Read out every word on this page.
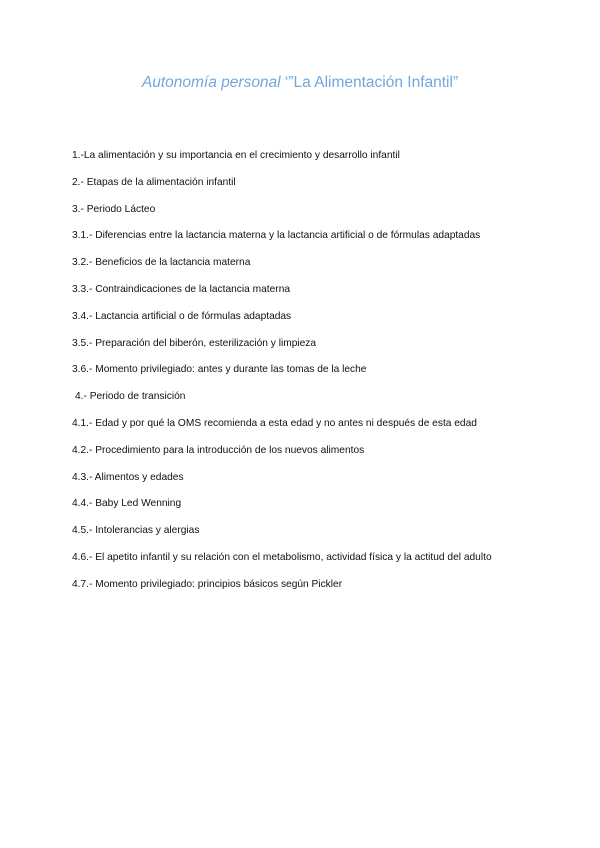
Autonomía personal ‘”La Alimentación Infantil”
1.-La alimentación y su importancia en el crecimiento y desarrollo infantil
2.- Etapas de la alimentación infantil
3.- Periodo Lácteo
3.1.- Diferencias entre la lactancia materna y la lactancia artificial o de fórmulas adaptadas
3.2.- Beneficios de la lactancia materna
3.3.- Contraindicaciones de la lactancia materna
3.4.- Lactancia artificial o de fórmulas adaptadas
3.5.- Preparación del biberón, esterilización y limpieza
3.6.- Momento privilegiado: antes y durante las tomas de la leche
4.- Periodo de transición
4.1.- Edad y por qué la OMS recomienda a esta edad y no antes ni después de esta edad
4.2.- Procedimiento para la introducción de los nuevos alimentos
4.3.- Alimentos y edades
4.4.- Baby Led Wenning
4.5.- Intolerancias y alergias
4.6.- El apetito infantil y su relación con el metabolismo, actividad física y la actitud del adulto
4.7.- Momento privilegiado: principios básicos según Pickler
